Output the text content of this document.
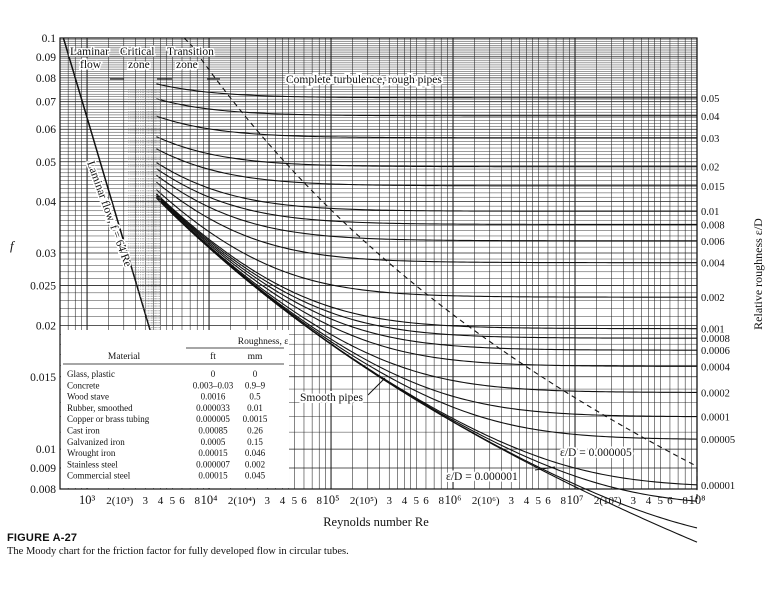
Laminar
flow
Critical
zone
Transition
zone
Complete turbulence, rough pipes
Laminar flow, f = 64/Re
Smooth pipes
ε/D = 0.000005
ε/D = 0.000001
Roughness, ε
Material	ft	mm
Glass, plastic	0	0
Concrete	0.003–0.03 0.9–9
Wood stave	0.0016	0.5
Rubber, smoothed	0.000033 0.01
Copper or brass tubing	0.000005 0.0015
Cast iron	0.00085 0.26
Galvanized iron	0.0005 0.15
Wrought iron	0.00015 0.046
Stainless steel	0.000007 0.002
Commercial steel	0.00015 0.045
0.05
0.04
0.03
0.02
0.015
0.01
0.008
0.006
0.004
0.002
0.001
0.0008
0.0006
0.0004
0.0002
0.0001
0.00005
0.00001
0.1
0.09
0.08
0.07
0.06
0.05
0.04
0.03
0.025
0.02
0.015
0.01
0.009
0.008
10³ 2(10³) 3 4 5 6 8 10⁴ 2(10⁴) 3 4 5 6 8 10⁵ 2(10⁵) 3 4 5 6 8 10⁶ 2(10⁶) 3 4 5 6 8 10⁷ 2(10⁷) 3 4 5 6 8 10⁸
Reynolds number Re
f	Relative roughness ε/D
FIGURE A-27
The Moody chart for the friction factor for fully developed flow in circular tubes.
